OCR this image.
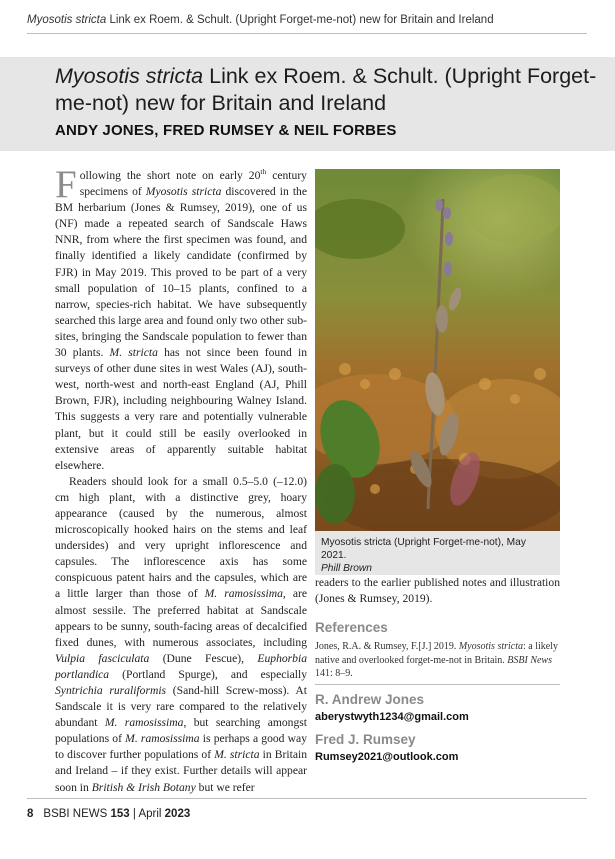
Myosotis stricta Link ex Roem. & Schult. (Upright Forget-me-not) new for Britain and Ireland
Myosotis stricta Link ex Roem. & Schult. (Upright Forget-me-not) new for Britain and Ireland
ANDY JONES, FRED RUMSEY & NEIL FORBES

Following the short note on early 20th century specimens of Myosotis stricta discovered in the BM herbarium (Jones & Rumsey, 2019), one of us (NF) made a repeated search of Sandscale Haws NNR, from where the first specimen was found, and finally identified a likely candidate (confirmed by FJR) in May 2019. This proved to be part of a very small population of 10–15 plants, confined to a narrow, species-rich habitat. We have subsequently searched this large area and found only two other sub-sites, bringing the Sandscale population to fewer than 30 plants. M. stricta has not since been found in surveys of other dune sites in west Wales (AJ), south-west, north-west and north-east England (AJ, Phill Brown, FJR), including neighbouring Walney Island. This suggests a very rare and potentially vulnerable plant, but it could still be easily overlooked in extensive areas of apparently suitable habitat elsewhere.

Readers should look for a small 0.5–5.0 (–12.0) cm high plant, with a distinctive grey, hoary appearance (caused by the numerous, almost microscopically hooked hairs on the stems and leaf undersides) and very upright inflorescence and capsules. The inflorescence axis has some conspicuous patent hairs and the capsules, which are a little larger than those of M. ramosissima, are almost sessile. The preferred habitat at Sandscale appears to be sunny, south-facing areas of decalcified fixed dunes, with numerous associates, including Vulpia fasciculata (Dune Fescue), Euphorbia portlandica (Portland Spurge), and especially Syntrichia ruraliformis (Sand-hill Screw-moss). At Sandscale it is very rare compared to the relatively abundant M. ramosissima, but searching amongst populations of M. ramosissima is perhaps a good way to discover further populations of M. stricta in Britain and Ireland – if they exist. Further details will appear soon in British & Irish Botany but we refer

Myosotis stricta (Upright Forget-me-not), May 2021.
Phill Brown
readers to the earlier published notes and illustration (Jones & Rumsey, 2019).
References
Jones, R.A. & Rumsey, F.[J.] 2019. Myosotis stricta: a likely native and overlooked forget-me-not in Britain. BSBI News 141: 8–9.
R. Andrew Jones
aberystwyth1234@gmail.com
Fred J. Rumsey
Rumsey2021@outlook.com
8 BSBI NEWS 153 | April 2023
